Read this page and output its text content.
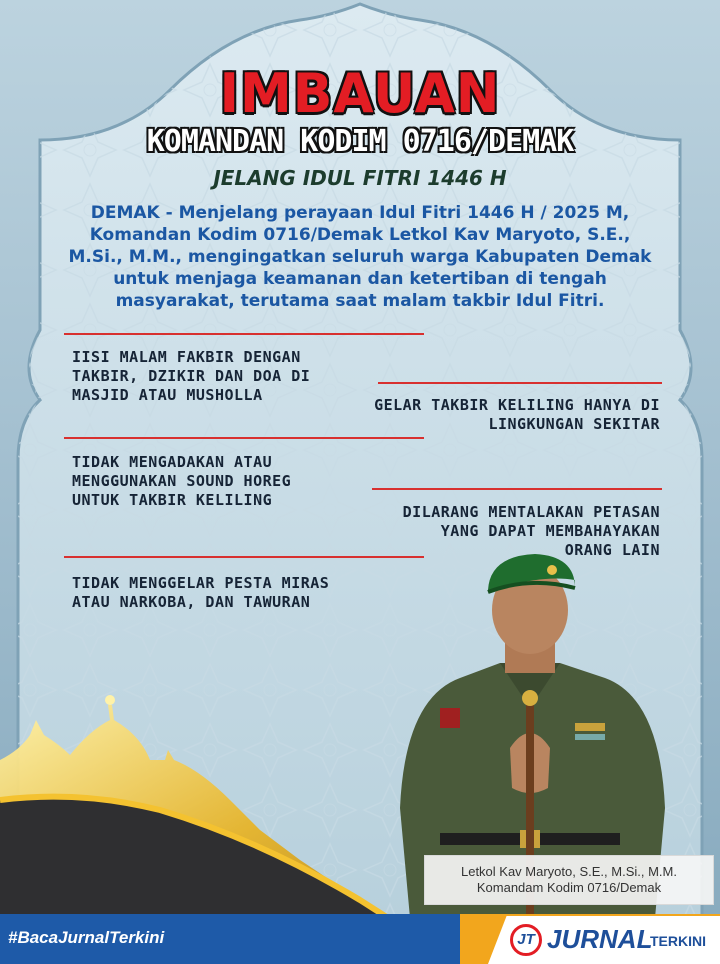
IMBAUAN
KOMANDAN KODIM 0716/DEMAK
JELANG IDUL FITRI 1446 H
DEMAK - Menjelang perayaan Idul Fitri 1446 H / 2025 M, Komandan Kodim 0716/Demak Letkol Kav Maryoto, S.E., M.Si., M.M., mengingatkan seluruh warga Kabupaten Demak untuk menjaga keamanan dan ketertiban di tengah masyarakat, terutama saat malam takbir Idul Fitri.
IISI MALAM FAKBIR DENGAN
TAKBIR, DZIKIR DAN DOA DI
MASJID ATAU MUSHOLLA
GELAR TAKBIR KELILING HANYA DI
LINGKUNGAN SEKITAR
TIDAK MENGADAKAN ATAU
MENGGUNAKAN SOUND HOREG
UNTUK TAKBIR KELILING
DILARANG MENTALAKAN PETASAN
YANG DAPAT MEMBAHAYAKAN
ORANG LAIN
TIDAK MENGGELAR PESTA MIRAS
ATAU NARKOBA, DAN TAWURAN
Letkol Kav Maryoto, S.E., M.Si., M.M.
Komandam Kodim 0716/Demak
#BacaJurnalTerkini	JT JURNAL
TERKINI
